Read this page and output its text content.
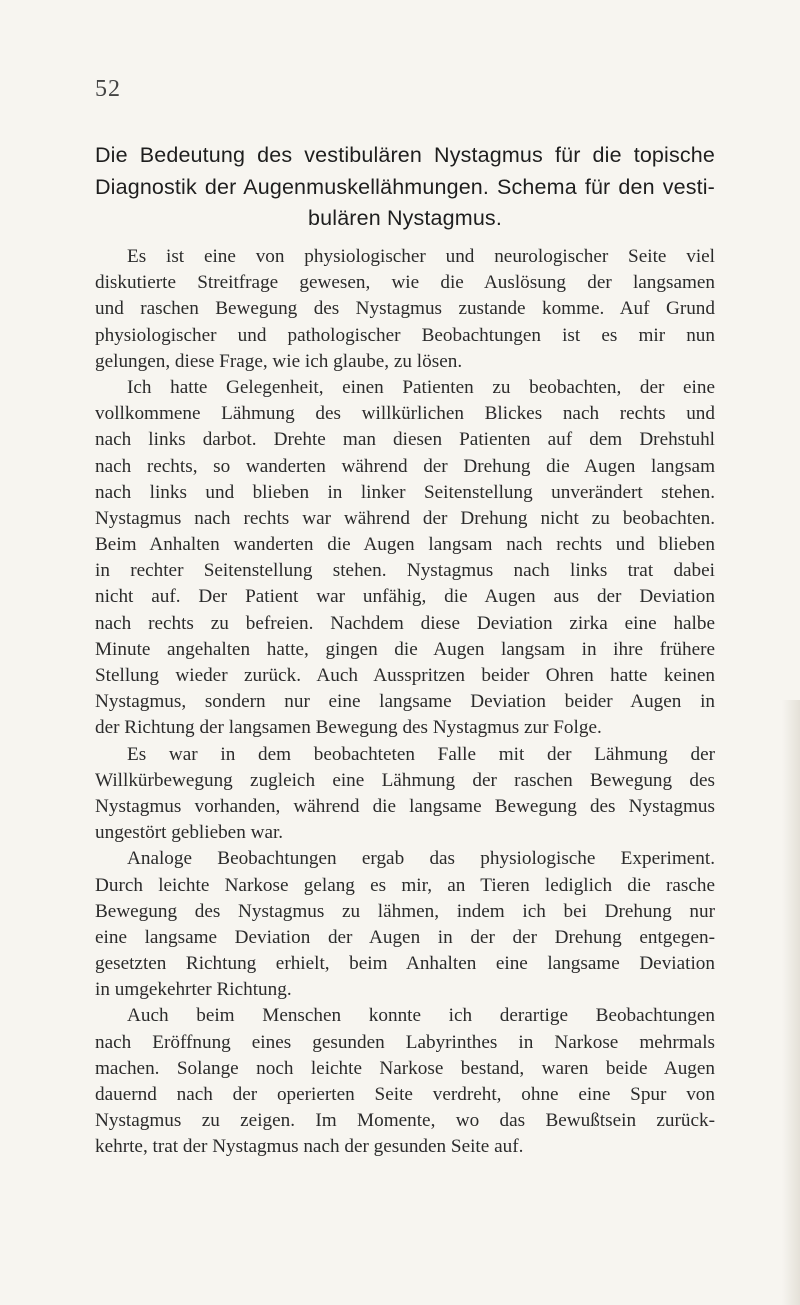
52
Die Bedeutung des vestibulären Nystagmus für die topische
Diagnostik der Augenmuskellähmungen. Schema für den vesti-
bulären Nystagmus.
Es ist eine von physiologischer und neurologischer Seite viel
diskutierte Streitfrage gewesen, wie die Auslösung der langsamen
und raschen Bewegung des Nystagmus zustande komme. Auf Grund
physiologischer und pathologischer Beobachtungen ist es mir nun
gelungen, diese Frage, wie ich glaube, zu lösen.
Ich hatte Gelegenheit, einen Patienten zu beobachten, der eine
vollkommene Lähmung des willkürlichen Blickes nach rechts und
nach links darbot. Drehte man diesen Patienten auf dem Drehstuhl
nach rechts, so wanderten während der Drehung die Augen langsam
nach links und blieben in linker Seitenstellung unverändert stehen.
Nystagmus nach rechts war während der Drehung nicht zu beobachten.
Beim Anhalten wanderten die Augen langsam nach rechts und blieben
in rechter Seitenstellung stehen. Nystagmus nach links trat dabei
nicht auf. Der Patient war unfähig, die Augen aus der Deviation
nach rechts zu befreien. Nachdem diese Deviation zirka eine halbe
Minute angehalten hatte, gingen die Augen langsam in ihre frühere
Stellung wieder zurück. Auch Ausspritzen beider Ohren hatte keinen
Nystagmus, sondern nur eine langsame Deviation beider Augen in
der Richtung der langsamen Bewegung des Nystagmus zur Folge.
Es war in dem beobachteten Falle mit der Lähmung der
Willkürbewegung zugleich eine Lähmung der raschen Bewegung des
Nystagmus vorhanden, während die langsame Bewegung des Nystagmus
ungestört geblieben war.
Analoge Beobachtungen ergab das physiologische Experiment.
Durch leichte Narkose gelang es mir, an Tieren lediglich die rasche
Bewegung des Nystagmus zu lähmen, indem ich bei Drehung nur
eine langsame Deviation der Augen in der der Drehung entgegen-
gesetzten Richtung erhielt, beim Anhalten eine langsame Deviation
in umgekehrter Richtung.
Auch beim Menschen konnte ich derartige Beobachtungen
nach Eröffnung eines gesunden Labyrinthes in Narkose mehrmals
machen. Solange noch leichte Narkose bestand, waren beide Augen
dauernd nach der operierten Seite verdreht, ohne eine Spur von
Nystagmus zu zeigen. Im Momente, wo das Bewußtsein zurück-
kehrte, trat der Nystagmus nach der gesunden Seite auf.
